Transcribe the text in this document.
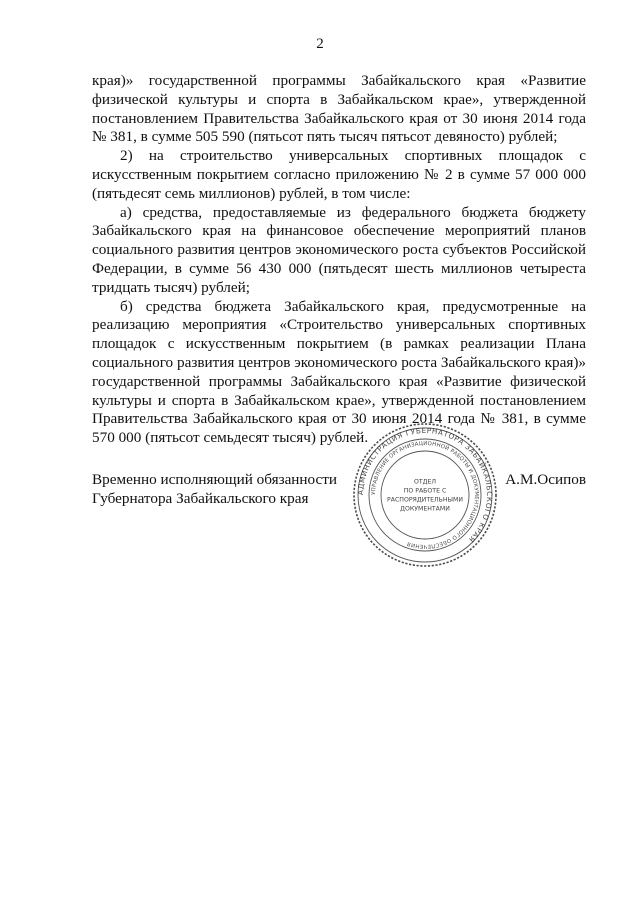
2

края)» государственной программы Забайкальского края «Развитие физической культуры и спорта в Забайкальском крае», утвержденной постановлением Правительства Забайкальского края от 30 июня 2014 года № 381, в сумме 505 590 (пятьсот пять тысяч пятьсот девяносто) рублей;

2) на строительство универсальных спортивных площадок с искусственным покрытием согласно приложению № 2 в сумме 57 000 000 (пятьдесят семь миллионов) рублей, в том числе:

а) средства, предоставляемые из федерального бюджета бюджету Забайкальского края на финансовое обеспечение мероприятий планов социального развития центров экономического роста субъектов Российской Федерации, в сумме 56 430 000 (пятьдесят шесть миллионов четыреста тридцать тысяч) рублей;

б) средства бюджета Забайкальского края, предусмотренные на реализацию мероприятия «Строительство универсальных спортивных площадок с искусственным покрытием (в рамках реализации Плана социального развития центров экономического роста Забайкальского края)» государственной программы Забайкальского края «Развитие физической культуры и спорта в Забайкальском крае», утвержденной постановлением Правительства Забайкальского края от 30 июня 2014 года № 381, в сумме 570 000 (пятьсот семьдесят тысяч) рублей.

Временно исполняющий обязанности
Губернатора Забайкальского края
А.М.Осипов
АДМИНИСТРАЦИЯ ГУБЕРНАТОРА ЗАБАЙКАЛЬСКОГО КРАЯ
УПРАВЛЕНИЕ ОРГАНИЗАЦИОННОЙ РАБОТЫ И ДОКУМЕНТАЦИОННОГО ОБЕСПЕЧЕНИЯ
ОТДЕЛ
ПО РАБОТЕ С
РАСПОРЯДИТЕЛЬНЫМИ
ДОКУМЕНТАМИ
